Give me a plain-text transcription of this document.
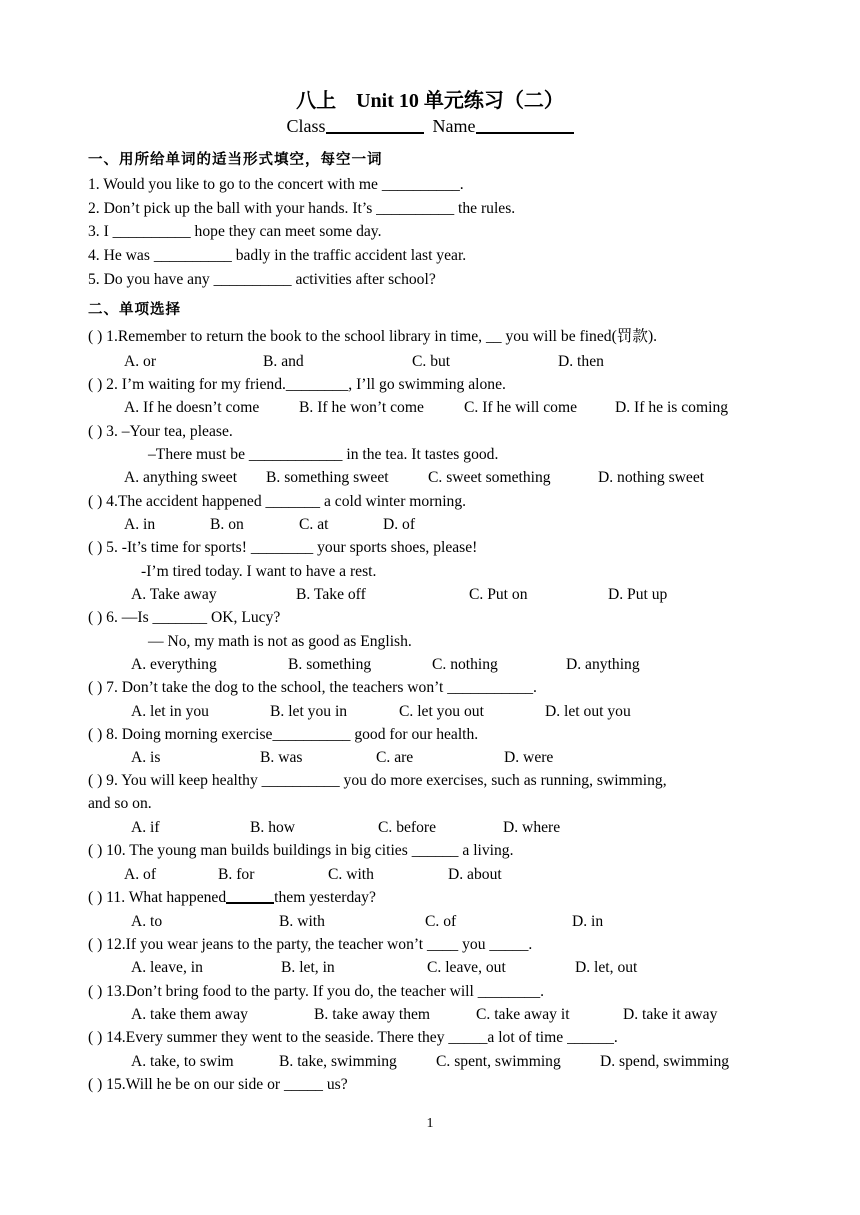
八上　Unit 10 单元练习（二）
Class	Name
一、用所给单词的适当形式填空，每空一词
1. Would you like to go to the concert with me __________.
2. Don’t pick up the ball with your hands. It’s __________ the rules.
3. I __________ hope they can meet some day.
4. He was __________ badly in the traffic accident last year.
5. Do you have any __________ activities after school?
二、单项选择
( ) 1.Remember to return the book to the school library in time, __ you will be fined(罚款).
A. or	B. and	C. but	D. then
( ) 2. I’m waiting for my friend.________, I’ll go swimming alone.
A. If he doesn’t come	B. If he won’t come	C. If he will come D. If he is coming
( ) 3. –Your tea, please.
–There must be ____________ in the tea. It tastes good.
A. anything sweet B. something sweet	C. sweet something	D. nothing sweet
( ) 4.The accident happened _______ a cold winter morning.
A. in	B. on	C. at	D. of
( ) 5. -It’s time for sports! ________ your sports shoes, please!
-I’m tired today. I want to have a rest.
A. Take away	B. Take off	C. Put on	D. Put up
( ) 6. —Is _______ OK, Lucy?
— No, my math is not as good as English.
A. everything	B. something	C. nothing	D. anything
( ) 7. Don’t take the dog to the school, the teachers won’t ___________.
A. let in you	B. let you in	C. let you out	D. let out you
( ) 8. Doing morning exercise__________ good for our health.
A. is	B. was	C. are	D. were
( ) 9. You will keep healthy __________ you do more exercises, such as running, swimming,
and so on.
A. if	B. how	C. before	D. where
( ) 10. The young man builds buildings in big cities ______ a living.
A. of	B. for	C. with	D. about
( ) 11. What happened	them yesterday?
A. to	B. with	C. of	D. in
( ) 12.If you wear jeans to the party, the teacher won’t ____ you _____.
A. leave, in	B. let, in	C. leave, out	D. let, out
( ) 13.Don’t bring food to the party. If you do, the teacher will ________.
A. take them away	B. take away them	C. take away it	D. take it away
( ) 14.Every summer they went to the seaside. There they _____a lot of time ______.
A. take, to swim	B. take, swimming	C. spent, swimming	D. spend, swimming
( ) 15.Will he be on our side or _____ us?
1
